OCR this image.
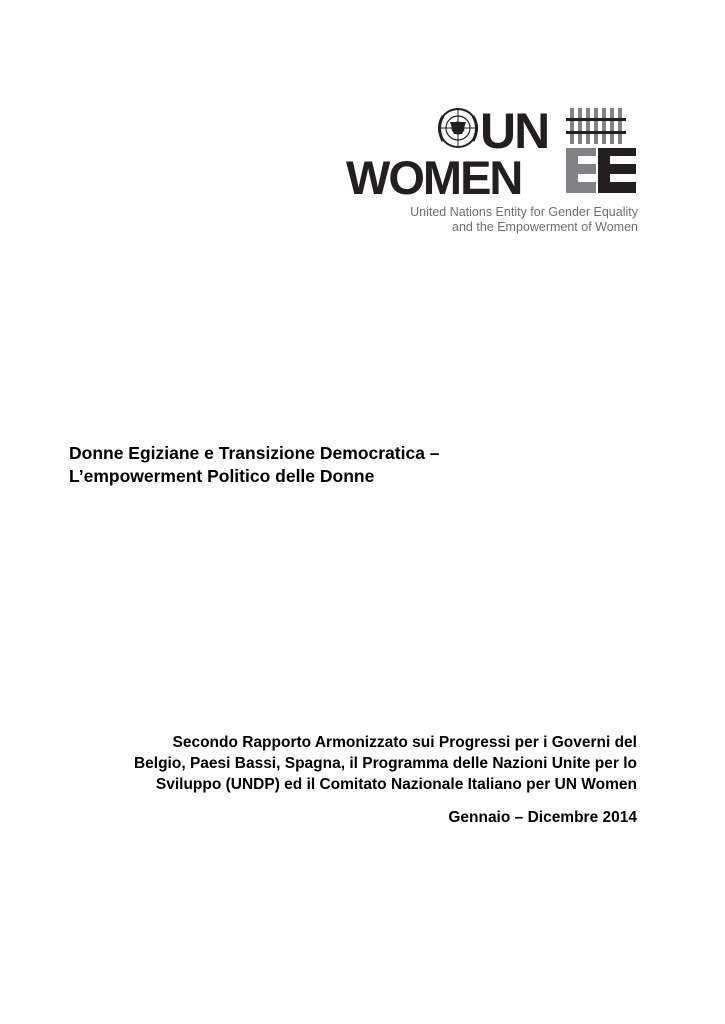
UN
WOMEN
United Nations Entity for Gender Equality
and the Empowerment of Women
Donne Egiziane e Transizione Democratica –
L’empowerment Politico delle Donne
Secondo Rapporto Armonizzato sui Progressi per i Governi del
Belgio, Paesi Bassi, Spagna, il Programma delle Nazioni Unite per lo
Sviluppo (UNDP) ed il Comitato Nazionale Italiano per UN Women
Gennaio – Dicembre 2014
